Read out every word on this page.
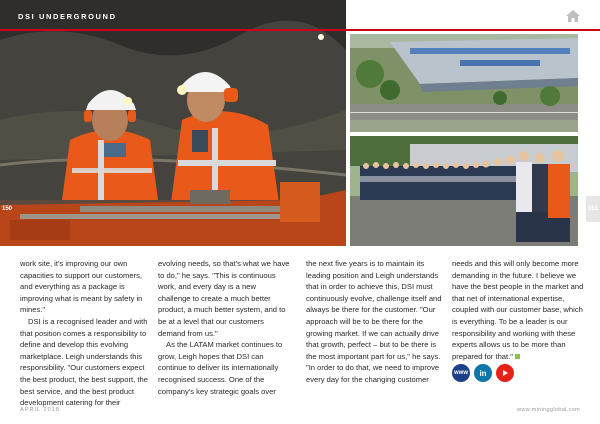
DSI UNDERGROUND
150	151

work site, it's improving our own capacities to support our customers, and everything as a package is improving what is meant by safety in mines."

DSI is a recognised leader and with that position comes a responsibility to define and develop this evolving marketplace. Leigh understands this responsibility. "Our customers expect the best product, the best support, the best service, and the best product development catering for their

evolving needs, so that's what we have to do," he says. "This is continuous work, and every day is a new challenge to create a much better product, a much better system, and to be at a level that our customers demand from us."

As the LATAM market continues to grow, Leigh hopes that DSI can continue to deliver its internationally recognised success. One of the company's key strategic goals over

the next five years is to maintain its leading position and Leigh understands that in order to achieve this, DSI must continuously evolve, challenge itself and always be there for the customer. "Our approach will be to be there for the growing market. If we can actually drive that growth, perfect – but to be there is the most important part for us," he says. "In order to do that, we need to improve every day for the changing customer

needs and this will only become more demanding in the future. I believe we have the best people in the market and that net of international expertise, coupled with our customer base, which is everything. To be a leader is our responsibility and working with these experts allows us to be more than prepared for that."

www in
APRIL 2018	www.miningglobal.com
